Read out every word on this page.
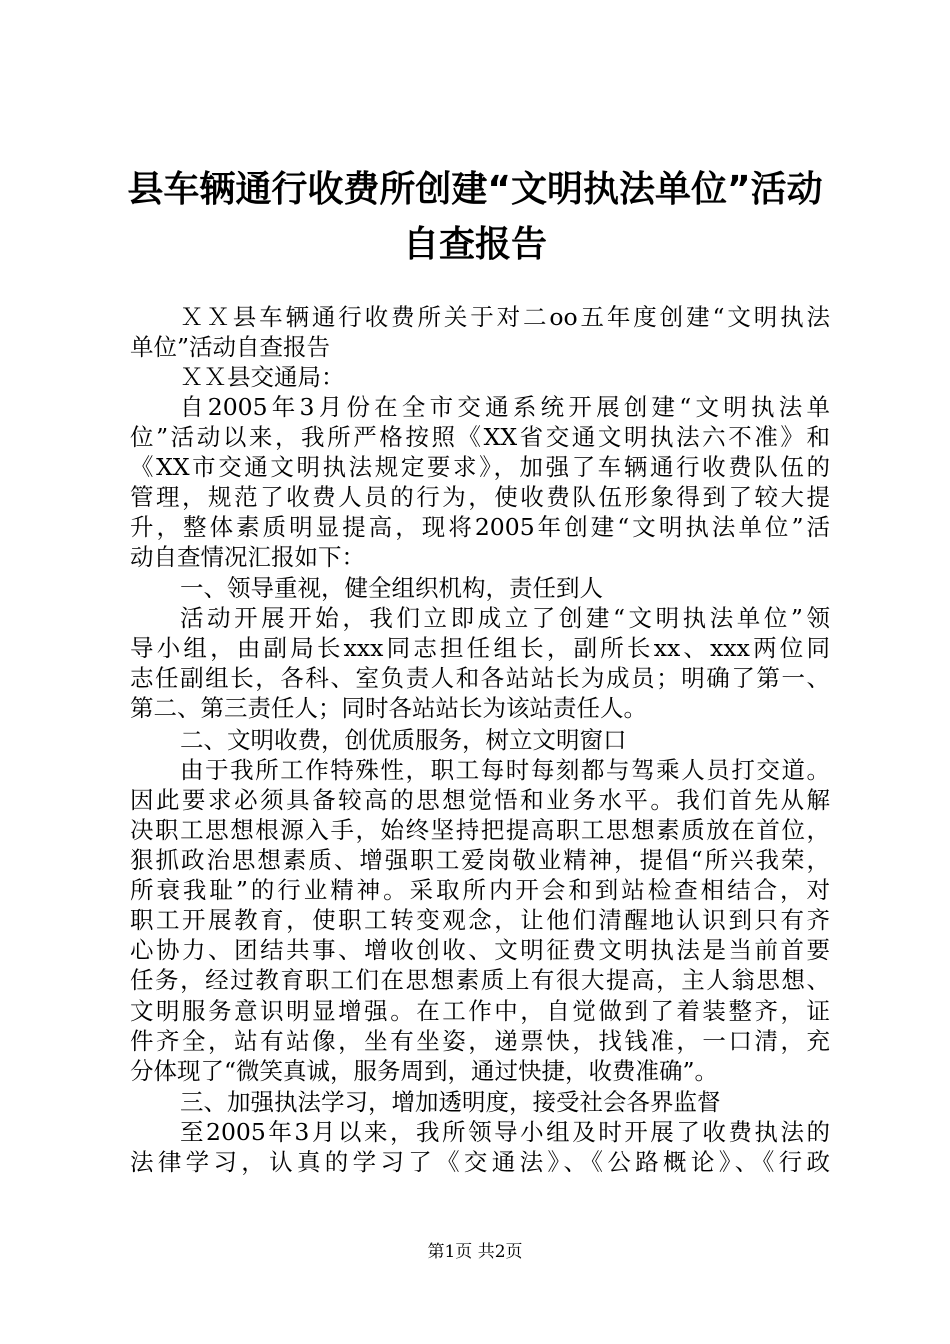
县车辆通行收费所创建“文明执法单位”活动
自查报告
ＸＸ县车辆通行收费所关于对二oo五年度创建“文明执法
单位”活动自查报告
ＸＸ县交通局：
自2005年3月份在全市交通系统开展创建“文明执法单
位”活动以来，我所严格按照《XX省交通文明执法六不准》和
《XX市交通文明执法规定要求》，加强了车辆通行收费队伍的
管理，规范了收费人员的行为，使收费队伍形象得到了较大提
升，整体素质明显提高，现将2005年创建“文明执法单位”活
动自查情况汇报如下：
一、领导重视，健全组织机构，责任到人
活动开展开始，我们立即成立了创建“文明执法单位”领
导小组，由副局长xxx同志担任组长，副所长xx、xxx两位同
志任副组长，各科、室负责人和各站站长为成员；明确了第一、
第二、第三责任人；同时各站站长为该站责任人。
二、文明收费，创优质服务，树立文明窗口
由于我所工作特殊性，职工每时每刻都与驾乘人员打交道。
因此要求必须具备较高的思想觉悟和业务水平。我们首先从解
决职工思想根源入手，始终坚持把提高职工思想素质放在首位，
狠抓政治思想素质、增强职工爱岗敬业精神，提倡“所兴我荣，
所衰我耻”的行业精神。采取所内开会和到站检查相结合，对
职工开展教育，使职工转变观念，让他们清醒地认识到只有齐
心协力、团结共事、增收创收、文明征费文明执法是当前首要
任务，经过教育职工们在思想素质上有很大提高，主人翁思想、
文明服务意识明显增强。在工作中，自觉做到了着装整齐，证
件齐全，站有站像，坐有坐姿，递票快，找钱准，一口清，充
分体现了“微笑真诚，服务周到，通过快捷，收费准确”。
三、加强执法学习，增加透明度，接受社会各界监督
至2005年3月以来，我所领导小组及时开展了收费执法的
法律学习，认真的学习了《交通法》、《公路概论》、《行政
第1页 共2页
